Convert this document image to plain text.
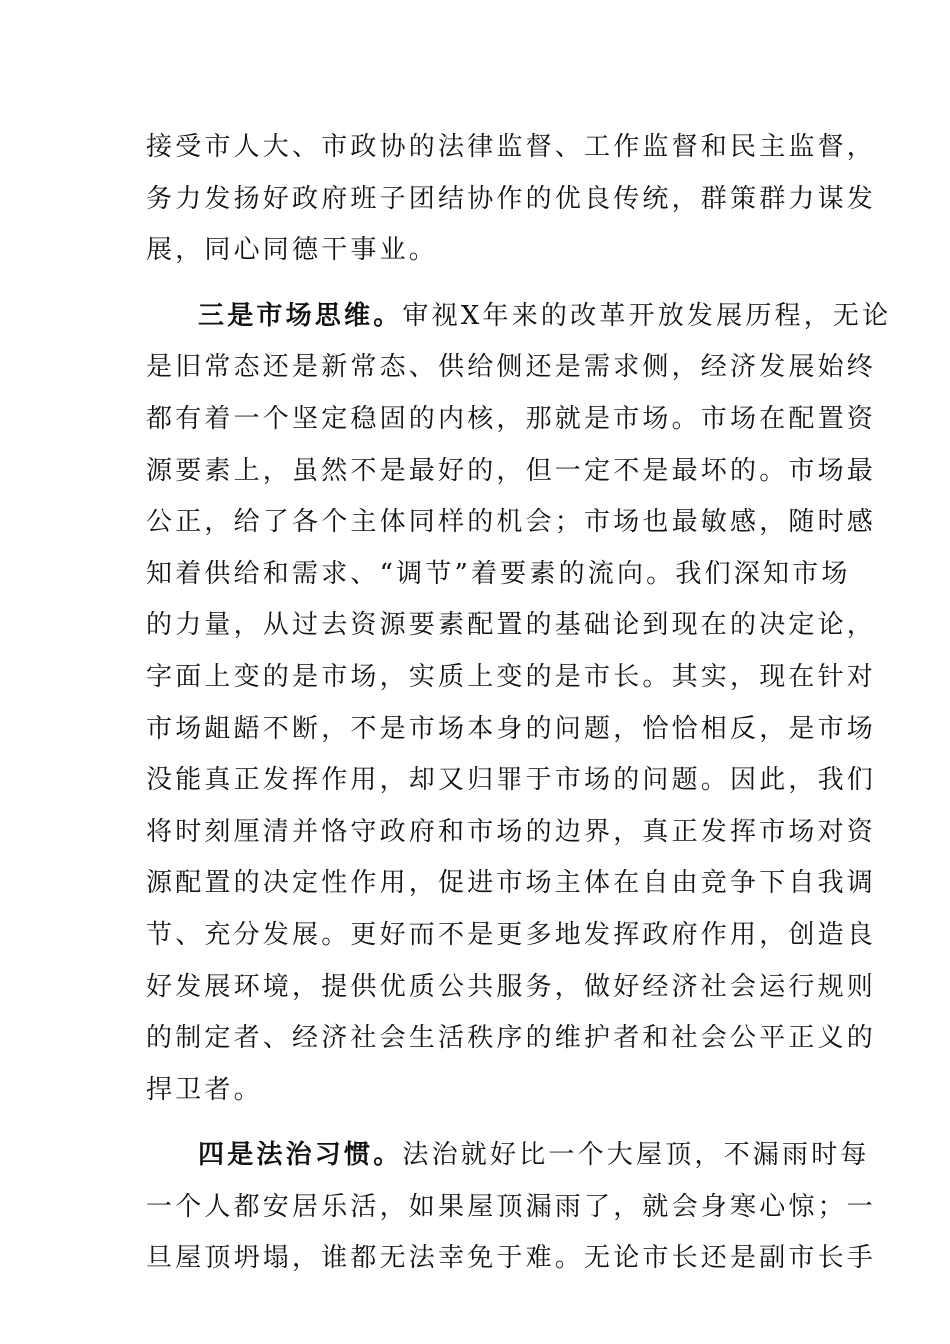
接受市人大、市政协的法律监督、工作监督和民主监督，
务力发扬好政府班子团结协作的优良传统，群策群力谋发
展，同心同德干事业。
三是市场思维。审视X年来的改革开放发展历程，无论
是旧常态还是新常态、供给侧还是需求侧，经济发展始终
都有着一个坚定稳固的内核，那就是市场。市场在配置资
源要素上，虽然不是最好的，但一定不是最坏的。市场最
公正，给了各个主体同样的机会；市场也最敏感，随时感
知着供给和需求、“调节”着要素的流向。我们深知市场
的力量，从过去资源要素配置的基础论到现在的决定论，
字面上变的是市场，实质上变的是市长。其实，现在针对
市场龃龉不断，不是市场本身的问题，恰恰相反，是市场
没能真正发挥作用，却又归罪于市场的问题。因此，我们
将时刻厘清并恪守政府和市场的边界，真正发挥市场对资
源配置的决定性作用，促进市场主体在自由竞争下自我调
节、充分发展。更好而不是更多地发挥政府作用，创造良
好发展环境，提供优质公共服务，做好经济社会运行规则
的制定者、经济社会生活秩序的维护者和社会公平正义的
捍卫者。
四是法治习惯。法治就好比一个大屋顶，不漏雨时每
一个人都安居乐活，如果屋顶漏雨了，就会身寒心惊；一
旦屋顶坍塌，谁都无法幸免于难。无论市长还是副市长手
